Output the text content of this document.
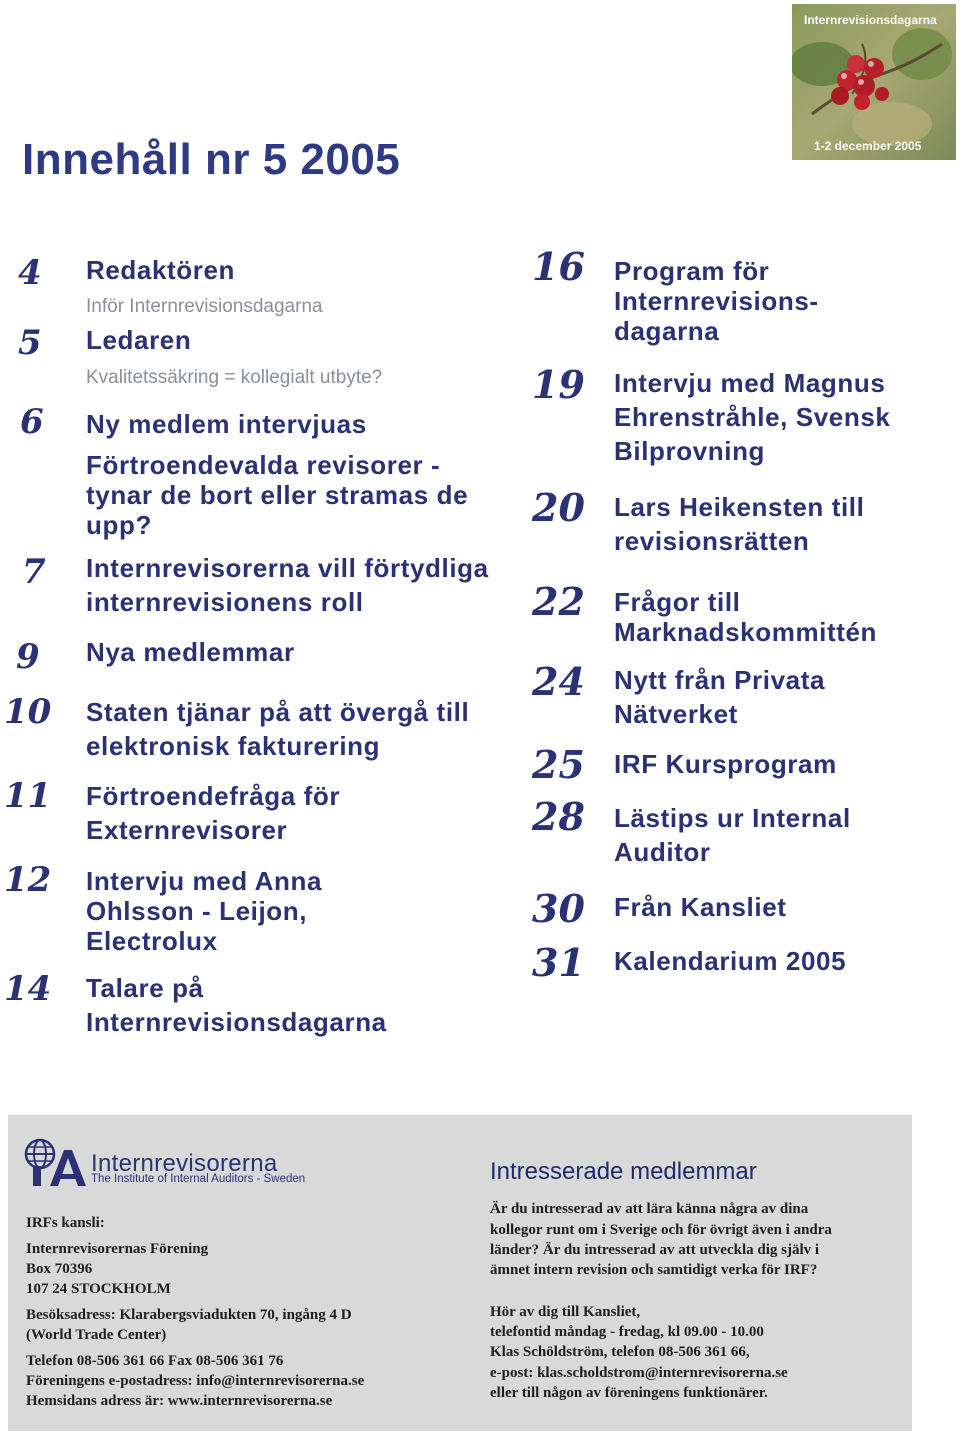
Innehåll nr 5 2005
Internrevisionsdagarna
1-2 december 2005
4 Redaktören
Inför Internrevisionsdagarna
5 Ledaren
Kvalitetssäkring = kollegialt utbyte?
6 Ny medlem intervjuas
Förtroendevalda revisorer - tynar de bort eller stramas de upp?
7 Internrevisorerna vill förtydliga internrevisionens roll
9 Nya medlemmar
10 Staten tjänar på att övergå till elektronisk fakturering
11 Förtroendefråga för Externrevisorer
12 Intervju med Anna Ohlsson - Leijon, Electrolux
14 Talare på Internrevisionsdagarna
16 Program för Internrevisions- dagarna
19 Intervju med Magnus Ehrenstråhle, Svensk Bilprovning
20 Lars Heikensten till revisionsrätten
22 Frågor till Marknadskommittén
24 Nytt från Privata Nätverket
25 IRF Kursprogram
28 Lästips ur Internal Auditor
30 Från Kansliet
31 Kalendarium 2005
Internrevisorerna
The Institute of Internal Auditors - Sweden
IRFs kansli:
Internrevisorernas Förening
Box 70396
107 24 STOCKHOLM
Besöksadress: Klarabergsviadukten 70, ingång 4 D
(World Trade Center)
Telefon 08-506 361 66 Fax 08-506 361 76
Föreningens e-postadress: info@internrevisorerna.se
Hemsidans adress är: www.internrevisorerna.se
Intresserade medlemmar
Är du intresserad av att lära känna några av dina
kollegor runt om i Sverige och för övrigt även i andra
länder? Är du intresserad av att utveckla dig själv i
ämnet intern revision och samtidigt verka för IRF?
Hör av dig till Kansliet,
telefontid måndag - fredag, kl 09.00 - 10.00
Klas Schöldström, telefon 08-506 361 66,
e-post: klas.scholdstrom@internrevisorerna.se
eller till någon av föreningens funktionärer.
